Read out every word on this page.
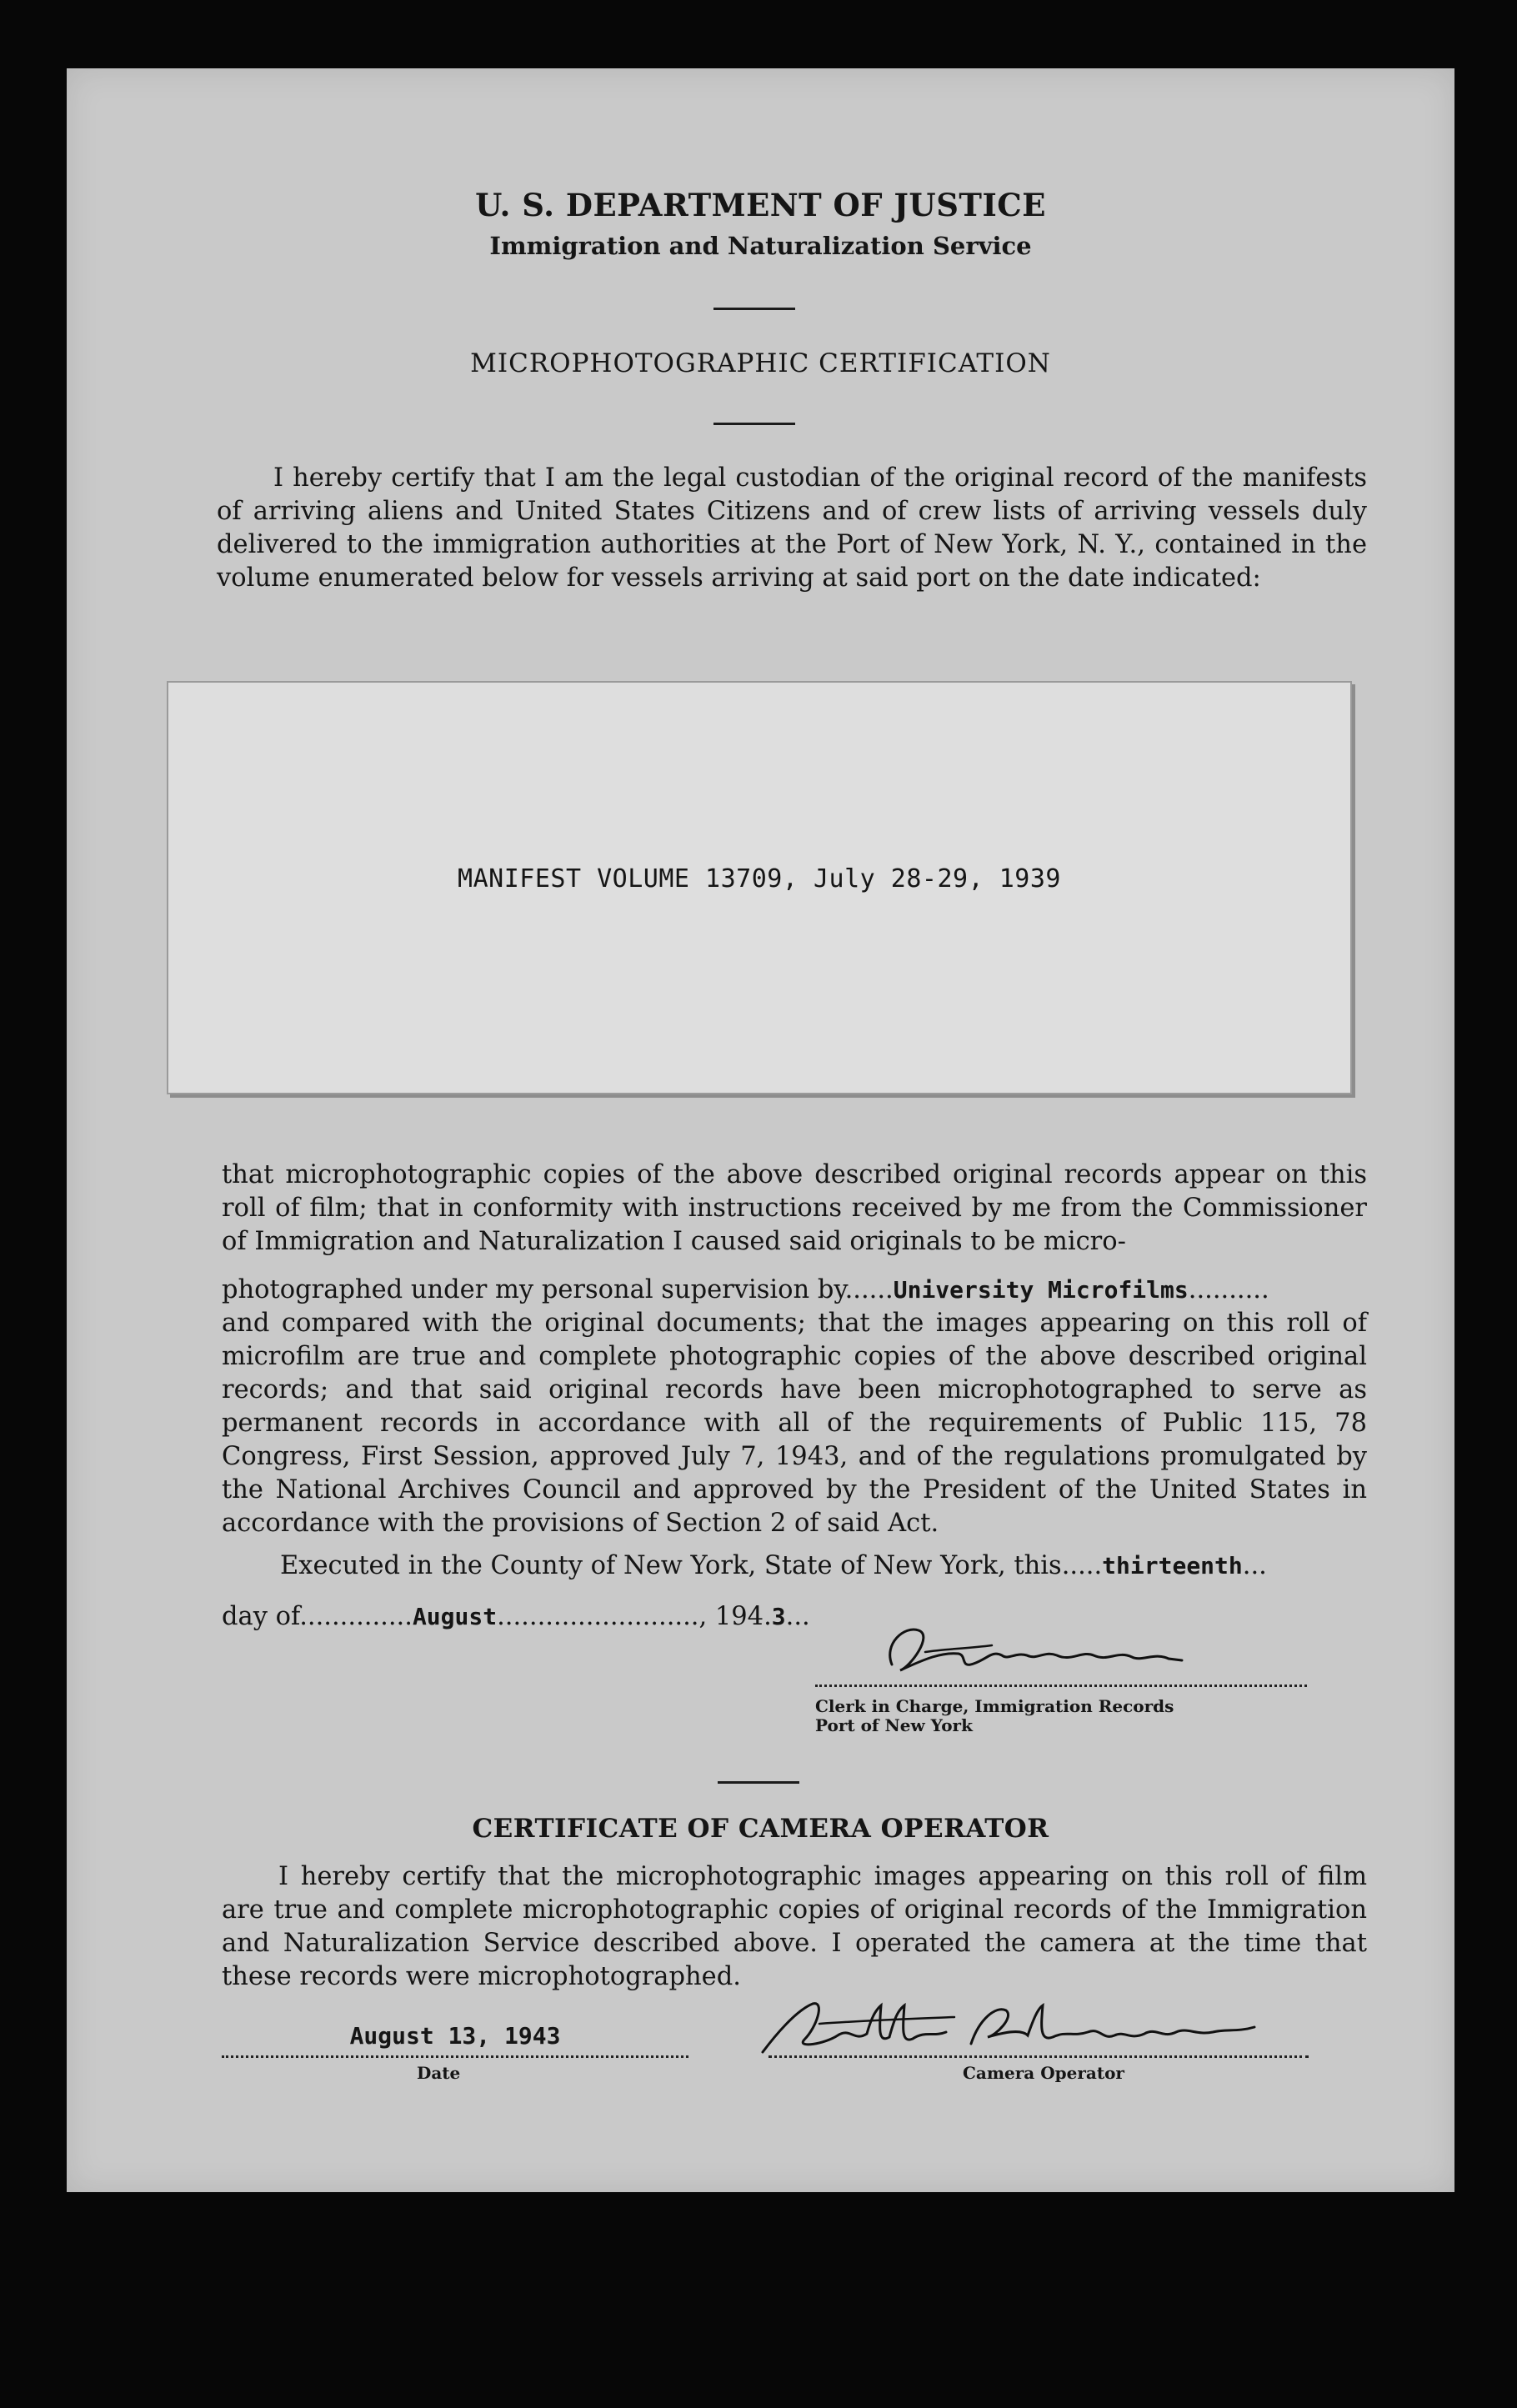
U. S. DEPARTMENT OF JUSTICE
Immigration and Naturalization Service
MICROPHOTOGRAPHIC CERTIFICATION

I hereby certify that I am the legal custodian of the original record of the manifests of arriving aliens and United States Citizens and of crew lists of arriving vessels duly delivered to the immigration authorities at the Port of New York, N. Y., contained in the volume enumerated below for vessels arriving at said port on the date indicated:

MANIFEST VOLUME 13709, July 28-29, 1939
that microphotographic copies of the above described original records appear on this roll of film; that in conformity with instructions received by me from the Commissioner of Immigration and Naturalization I caused said originals to be micro-
photographed under my personal supervision by......University Microfilms..........
and compared with the original documents; that the images appearing on this roll of microfilm are true and complete photographic copies of the above described original records; and that said original records have been microphotographed to serve as permanent records in accordance with all of the requirements of Public 115, 78 Congress, First Session, approved July 7, 1943, and of the regulations promulgated by the National Archives Council and approved by the President of the United States in accordance with the provisions of Section 2 of said Act.
Executed in the County of New York, State of New York, this.....thirteenth...
day of..............August........................., 194.3...
Clerk in Charge, Immigration Records
Port of New York
CERTIFICATE OF CAMERA OPERATOR

I hereby certify that the microphotographic images appearing on this roll of film are true and complete microphotographic copies of original records of the Immigration and Naturalization Service described above. I operated the camera at the time that these records were microphotographed.

August 13, 1943
Date	Camera Operator
